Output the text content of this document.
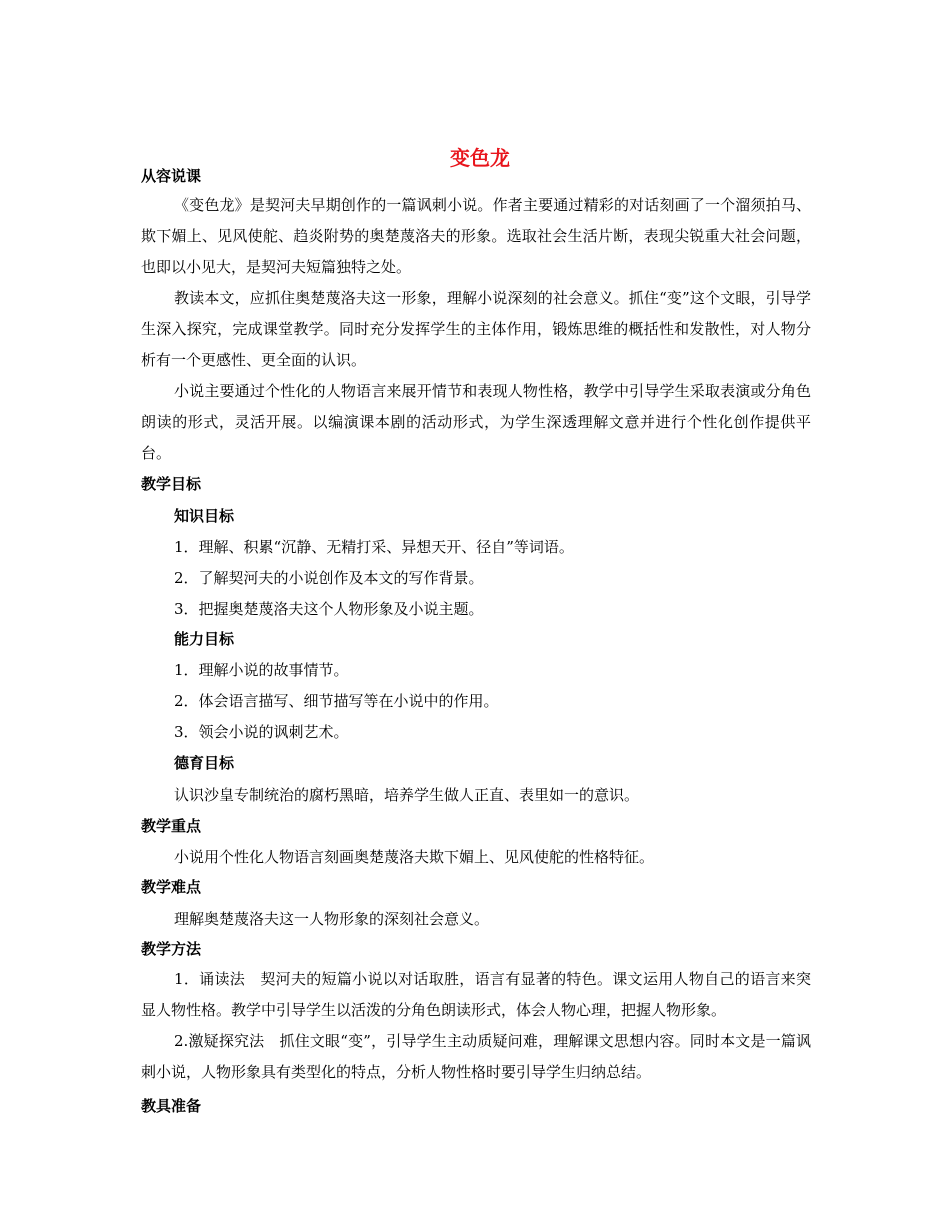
变色龙
从容说课
《变色龙》是契河夫早期创作的一篇讽刺小说。作者主要通过精彩的对话刻画了一个溜须拍马、欺下媚上、见风使舵、趋炎附势的奥楚蔑洛夫的形象。选取社会生活片断，表现尖锐重大社会问题，也即以小见大，是契河夫短篇独特之处。
教读本文，应抓住奥楚蔑洛夫这一形象，理解小说深刻的社会意义。抓住“变”这个文眼，引导学生深入探究，完成课堂教学。同时充分发挥学生的主体作用，锻炼思维的概括性和发散性，对人物分析有一个更感性、更全面的认识。
小说主要通过个性化的人物语言来展开情节和表现人物性格，教学中引导学生采取表演或分角色朗读的形式，灵活开展。以编演课本剧的活动形式，为学生深透理解文意并进行个性化创作提供平台。
教学目标
知识目标
1．理解、积累“沉静、无精打采、异想天开、径自”等词语。
2．了解契河夫的小说创作及本文的写作背景。
3．把握奥楚蔑洛夫这个人物形象及小说主题。
能力目标
1．理解小说的故事情节。
2．体会语言描写、细节描写等在小说中的作用。
3．领会小说的讽刺艺术。
德育目标
认识沙皇专制统治的腐朽黑暗，培养学生做人正直、表里如一的意识。
教学重点
小说用个性化人物语言刻画奥楚蔑洛夫欺下媚上、见风使舵的性格特征。
教学难点
理解奥楚蔑洛夫这一人物形象的深刻社会意义。
教学方法
1．诵读法　契河夫的短篇小说以对话取胜，语言有显著的特色。课文运用人物自己的语言来突显人物性格。教学中引导学生以活泼的分角色朗读形式，体会人物心理，把握人物形象。
2.激疑探究法　抓住文眼“变”，引导学生主动质疑问难，理解课文思想内容。同时本文是一篇讽刺小说，人物形象具有类型化的特点，分析人物性格时要引导学生归纳总结。
教具准备
